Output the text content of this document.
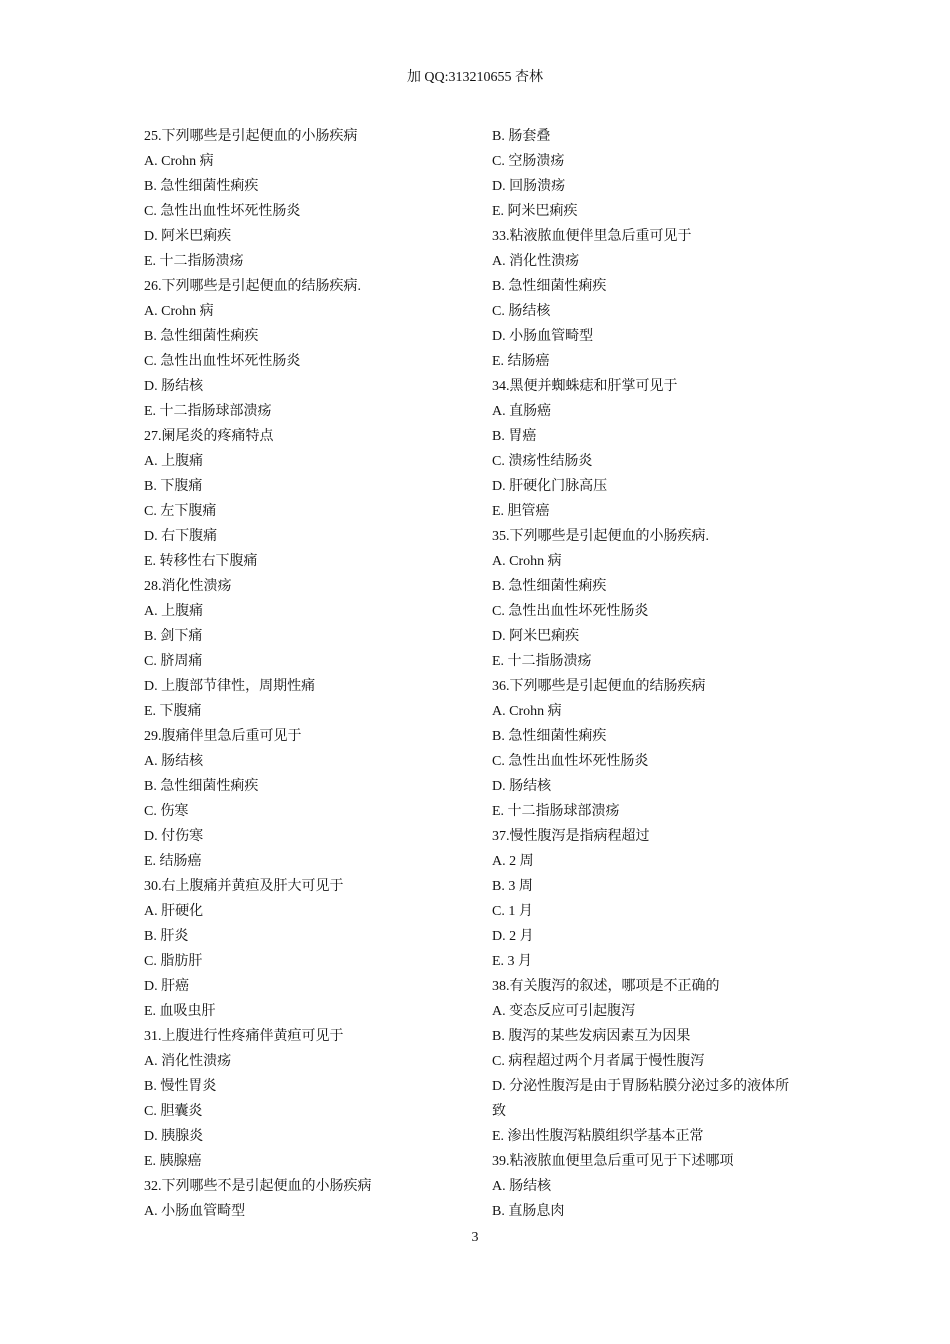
加 QQ:313210655 杏林
25.下列哪些是引起便血的小肠疾病
A. Crohn 病
B. 急性细菌性痢疾
C. 急性出血性坏死性肠炎
D. 阿米巴痢疾
E. 十二指肠溃疡
26.下列哪些是引起便血的结肠疾病.
A. Crohn 病
B. 急性细菌性痢疾
C. 急性出血性坏死性肠炎
D. 肠结核
E. 十二指肠球部溃疡
27.阑尾炎的疼痛特点
A. 上腹痛
B. 下腹痛
C. 左下腹痛
D. 右下腹痛
E. 转移性右下腹痛
28.消化性溃疡
A. 上腹痛
B. 剑下痛
C. 脐周痛
D. 上腹部节律性，周期性痛
E. 下腹痛
29.腹痛伴里急后重可见于
A. 肠结核
B. 急性细菌性痢疾
C. 伤寒
D. 付伤寒
E. 结肠癌
30.右上腹痛并黄疸及肝大可见于
A. 肝硬化
B. 肝炎
C. 脂肪肝
D. 肝癌
E. 血吸虫肝
31.上腹进行性疼痛伴黄疸可见于
A. 消化性溃疡
B. 慢性胃炎
C. 胆囊炎
D. 胰腺炎
E. 胰腺癌
32.下列哪些不是引起便血的小肠疾病
A. 小肠血管畸型
B. 肠套叠
C. 空肠溃疡
D. 回肠溃疡
E. 阿米巴痢疾
33.粘液脓血便伴里急后重可见于
A. 消化性溃疡
B. 急性细菌性痢疾
C. 肠结核
D. 小肠血管畸型
E. 结肠癌
34.黑便并蜘蛛痣和肝掌可见于
A. 直肠癌
B. 胃癌
C. 溃疡性结肠炎
D. 肝硬化门脉高压
E. 胆管癌
35.下列哪些是引起便血的小肠疾病.
A. Crohn 病
B. 急性细菌性痢疾
C. 急性出血性坏死性肠炎
D. 阿米巴痢疾
E. 十二指肠溃疡
36.下列哪些是引起便血的结肠疾病
A. Crohn 病
B. 急性细菌性痢疾
C. 急性出血性坏死性肠炎
D. 肠结核
E. 十二指肠球部溃疡
37.慢性腹泻是指病程超过
A. 2 周
B. 3 周
C. 1 月
D. 2 月
E. 3 月
38.有关腹泻的叙述，哪项是不正确的
A. 变态反应可引起腹泻
B. 腹泻的某些发病因素互为因果
C. 病程超过两个月者属于慢性腹泻
D. 分泌性腹泻是由于胃肠粘膜分泌过多的液体所
致
E. 渗出性腹泻粘膜组织学基本正常
39.粘液脓血便里急后重可见于下述哪项
A. 肠结核
B. 直肠息肉
3
